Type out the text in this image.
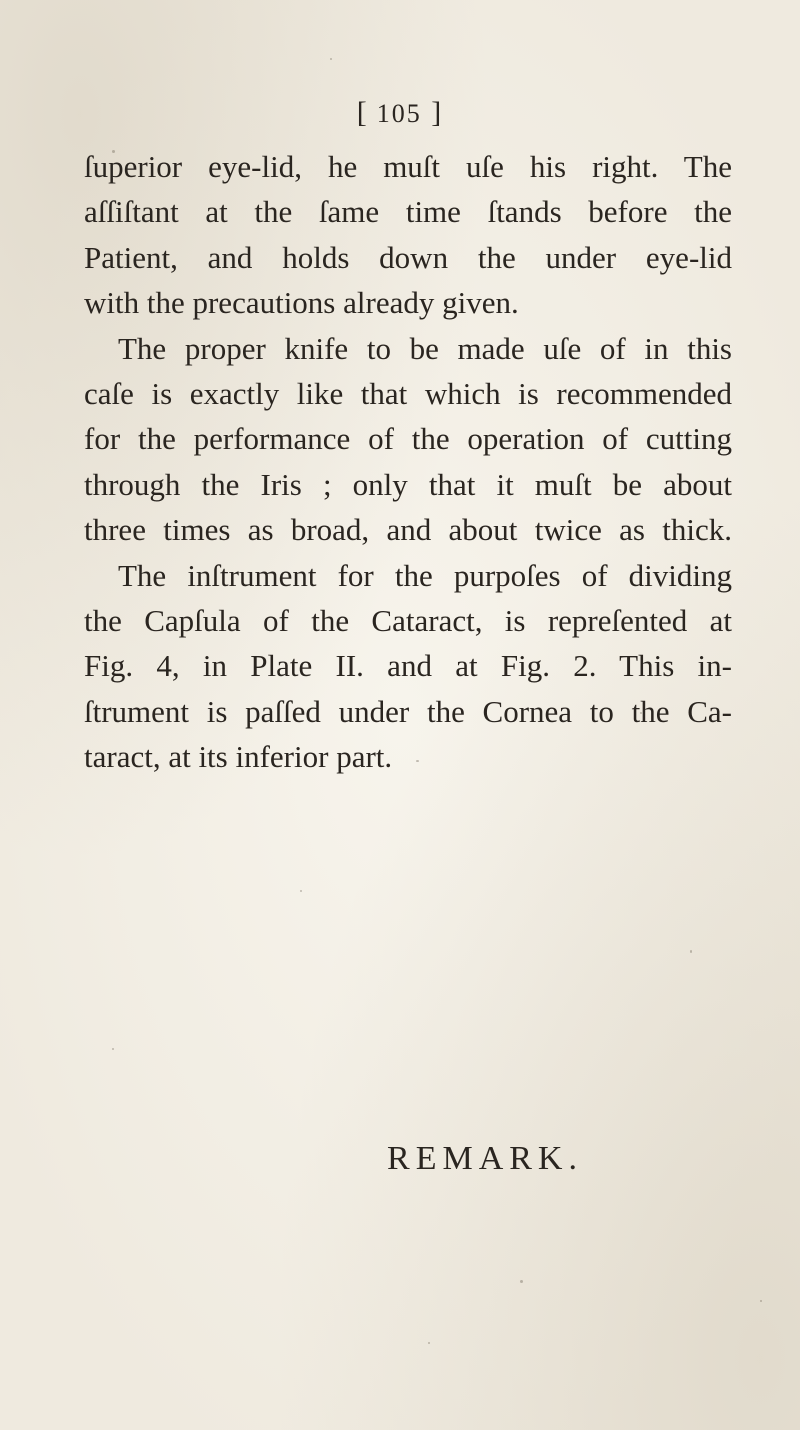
[ 105 ]
ſuperior eye-lid, he muſt uſe his right. The
aſſiſtant at the ſame time ſtands before the
Patient, and holds down the under eye-lid
with the precautions already given.
The proper knife to be made uſe of in this
caſe is exactly like that which is recommended
for the performance of the operation of cutting
through the Iris ; only that it muſt be about
three times as broad, and about twice as thick.
The inſtrument for the purpoſes of dividing
the Capſula of the Cataract, is repreſented at
Fig. 4, in Plate II. and at Fig. 2. This in-
ſtrument is paſſed under the Cornea to the Ca-
taract, at its inferior part.
REMARK.
